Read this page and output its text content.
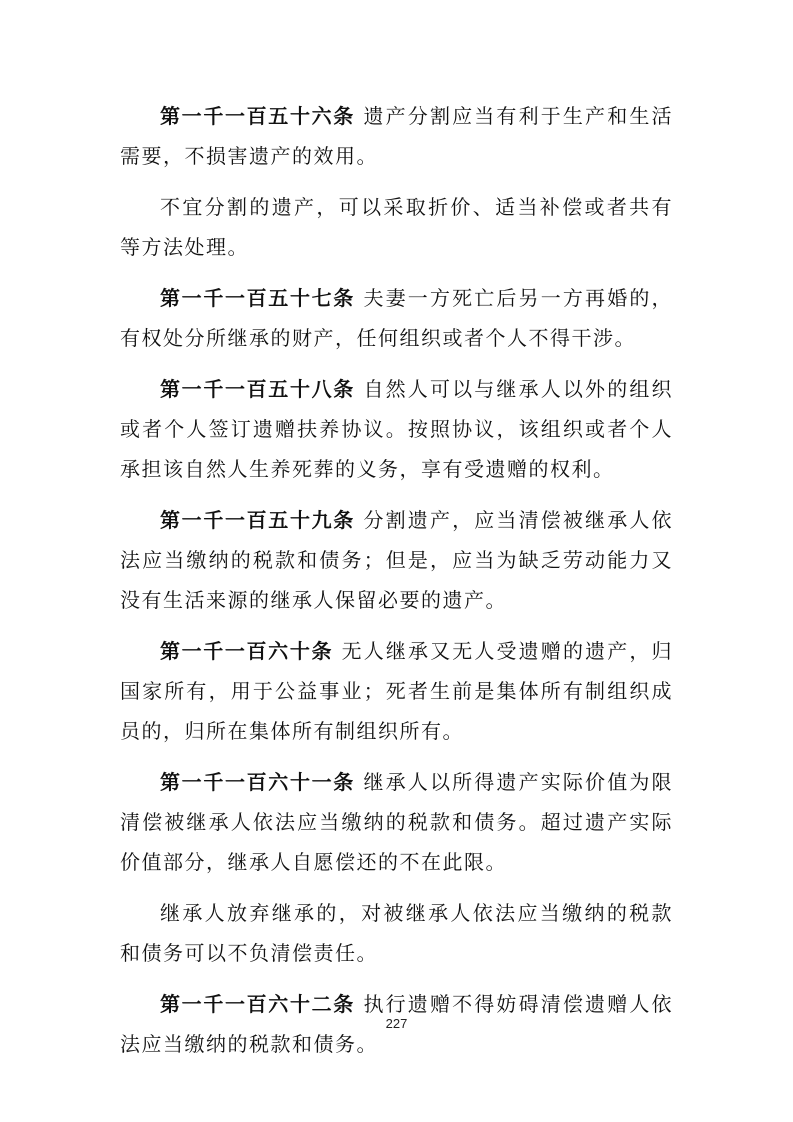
第一千一百五十六条 遗产分割应当有利于生产和生活需要，不损害遗产的效用。

不宜分割的遗产，可以采取折价、适当补偿或者共有等方法处理。

第一千一百五十七条 夫妻一方死亡后另一方再婚的，有权处分所继承的财产，任何组织或者个人不得干涉。

第一千一百五十八条 自然人可以与继承人以外的组织或者个人签订遗赠扶养协议。按照协议，该组织或者个人承担该自然人生养死葬的义务，享有受遗赠的权利。

第一千一百五十九条 分割遗产，应当清偿被继承人依法应当缴纳的税款和债务；但是，应当为缺乏劳动能力又没有生活来源的继承人保留必要的遗产。

第一千一百六十条 无人继承又无人受遗赠的遗产，归国家所有，用于公益事业；死者生前是集体所有制组织成员的，归所在集体所有制组织所有。

第一千一百六十一条 继承人以所得遗产实际价值为限清偿被继承人依法应当缴纳的税款和债务。超过遗产实际价值部分，继承人自愿偿还的不在此限。

继承人放弃继承的，对被继承人依法应当缴纳的税款和债务可以不负清偿责任。

第一千一百六十二条 执行遗赠不得妨碍清偿遗赠人依法应当缴纳的税款和债务。

227
